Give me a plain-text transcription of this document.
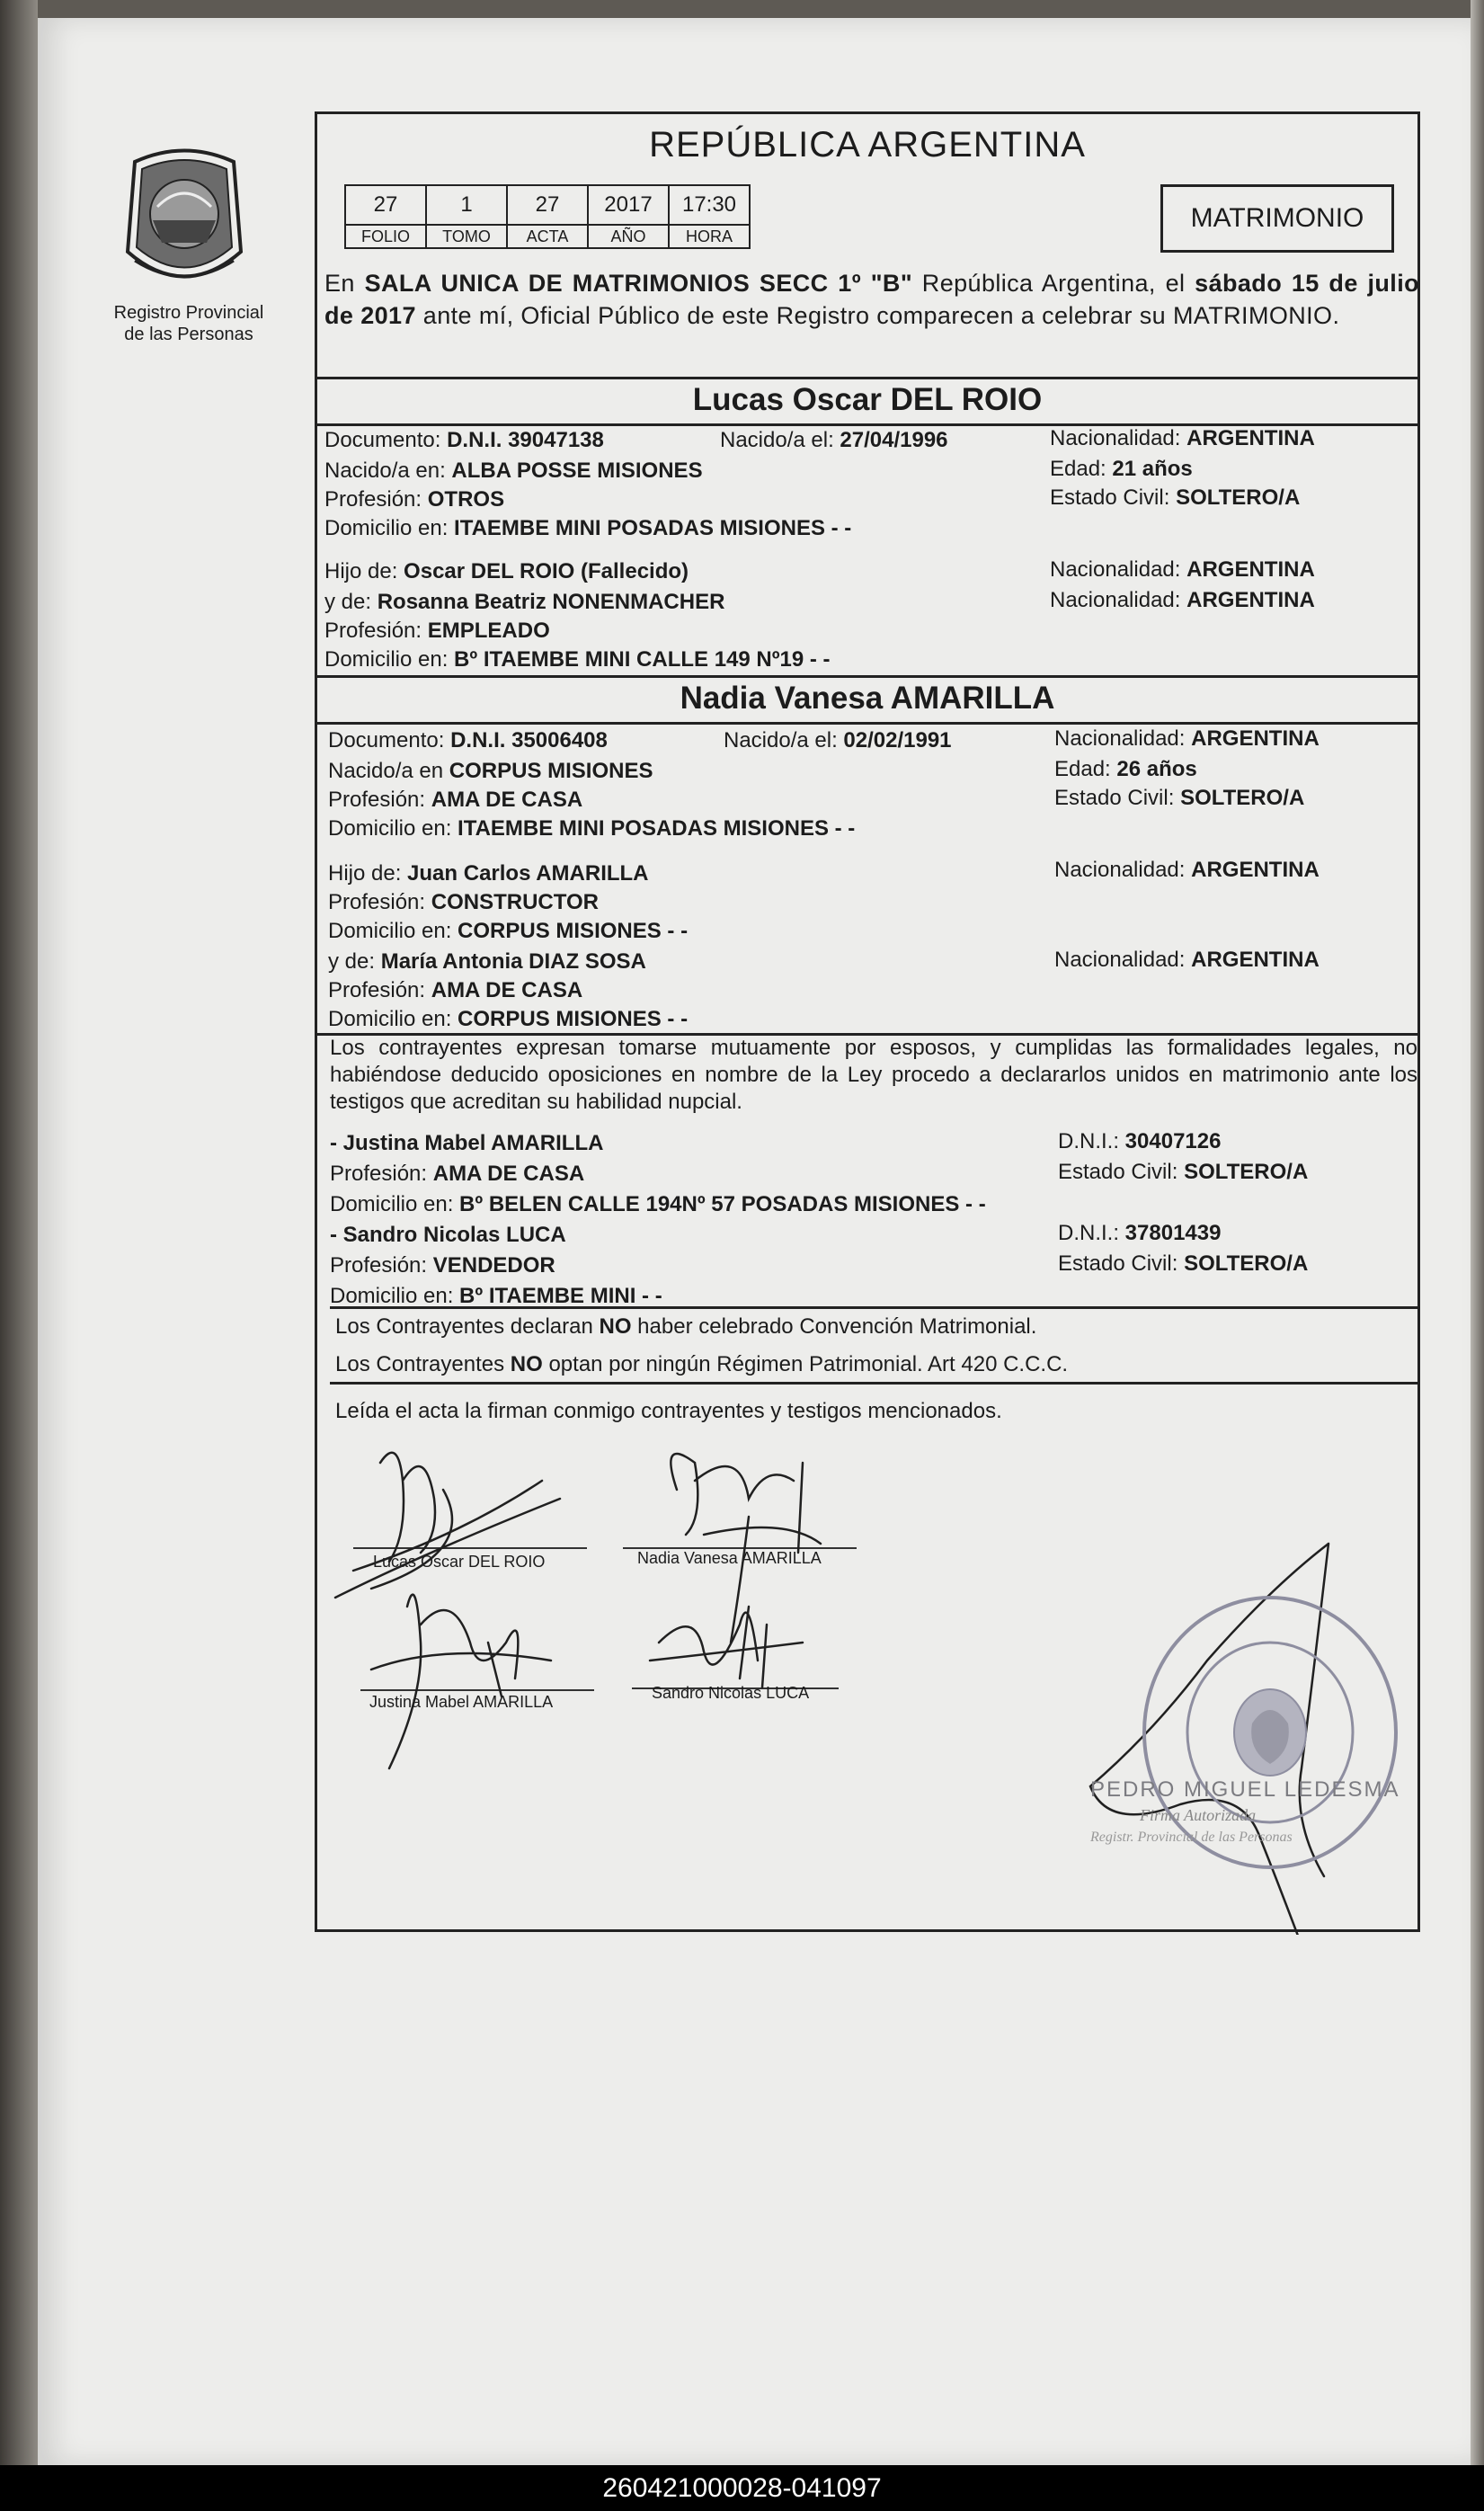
Registro Provincial
de las Personas
REPÚBLICA ARGENTINA
27	1	27	2017	17:30
FOLIO	TOMO	ACTA	AÑO	HORA
MATRIMONIO
En SALA UNICA DE MATRIMONIOS SECC 1º "B" República Argentina, el sábado 15 de julio de 2017 ante mí, Oficial Público de este Registro comparecen a celebrar su MATRIMONIO.
Lucas Oscar DEL ROIO
Documento: D.N.I. 39047138	Nacido/a el: 27/04/1996	Nacionalidad: ARGENTINA
Nacido/a en: ALBA POSSE MISIONES	Edad: 21 años
Profesión: OTROS	Estado Civil: SOLTERO/A
Domicilio en: ITAEMBE MINI POSADAS MISIONES - -
Hijo de: Oscar DEL ROIO (Fallecido)	Nacionalidad: ARGENTINA
y de: Rosanna Beatriz NONENMACHER	Nacionalidad: ARGENTINA
Profesión: EMPLEADO
Domicilio en: Bº ITAEMBE MINI CALLE 149 Nº19 - -
Nadia Vanesa AMARILLA
Documento: D.N.I. 35006408	Nacido/a el: 02/02/1991	Nacionalidad: ARGENTINA
Nacido/a en CORPUS MISIONES	Edad: 26 años
Profesión: AMA DE CASA	Estado Civil: SOLTERO/A
Domicilio en: ITAEMBE MINI POSADAS MISIONES - -
Hijo de: Juan Carlos AMARILLA	Nacionalidad: ARGENTINA
Profesión: CONSTRUCTOR
Domicilio en: CORPUS MISIONES - -
y de: María Antonia DIAZ SOSA	Nacionalidad: ARGENTINA
Profesión: AMA DE CASA
Domicilio en: CORPUS MISIONES - -
Los contrayentes expresan tomarse mutuamente por esposos, y cumplidas las formalidades legales, no habiéndose deducido oposiciones en nombre de la Ley procedo a declararlos unidos en matrimonio ante los testigos que acreditan su habilidad nupcial.
- Justina Mabel AMARILLA	D.N.I.: 30407126
Profesión: AMA DE CASA	Estado Civil: SOLTERO/A
Domicilio en: Bº BELEN CALLE 194Nº 57 POSADAS MISIONES - -
- Sandro Nicolas LUCA	D.N.I.: 37801439
Profesión: VENDEDOR	Estado Civil: SOLTERO/A
Domicilio en: Bº ITAEMBE MINI - -
Los Contrayentes declaran NO haber celebrado Convención Matrimonial.
Los Contrayentes NO optan por ningún Régimen Patrimonial. Art 420 C.C.C.
Leída el acta la firman conmigo contrayentes y testigos mencionados.
Lucas Oscar DEL ROIO	Nadia Vanesa AMARILLA
Justina Mabel AMARILLA	Sandro Nicolas LUCA
PEDRO MIGUEL LEDESMA
Firma Autorizada
Registr. Provincial de las Personas
260421000028-041097
